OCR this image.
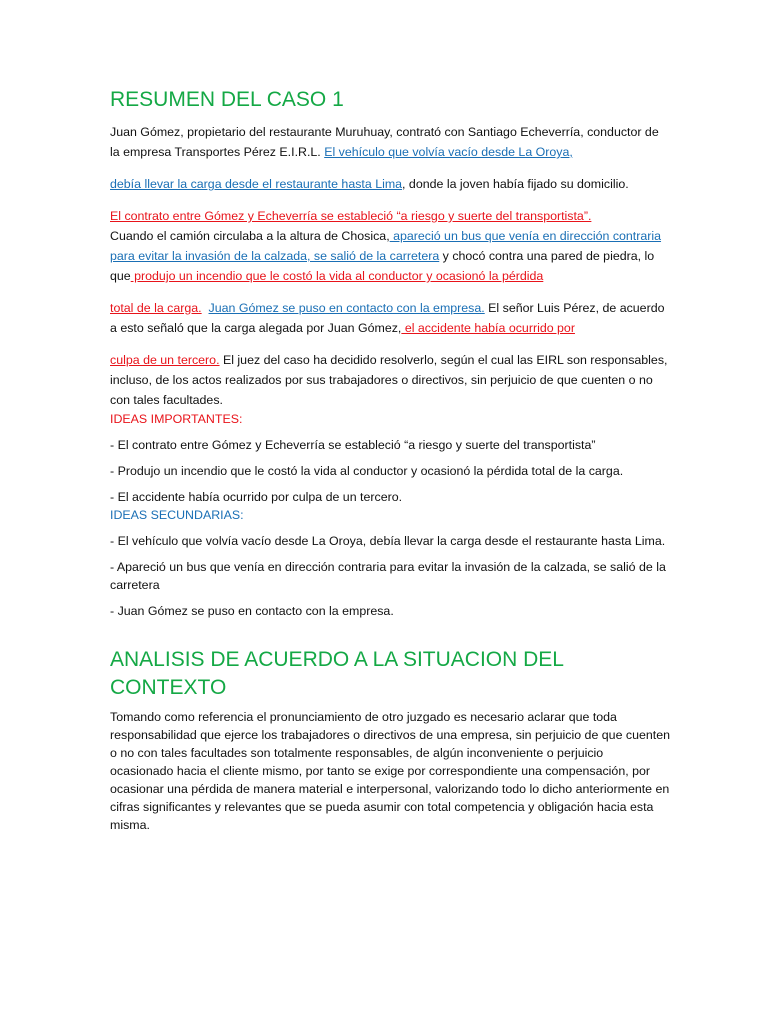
RESUMEN DEL CASO 1

Juan Gómez, propietario del restaurante Muruhuay, contrató con Santiago Echeverría, conductor de la empresa Transportes Pérez E.I.R.L. El vehículo que volvía vacío desde La Oroya,

debía llevar la carga desde el restaurante hasta Lima, donde la joven había fijado su domicilio.

El contrato entre Gómez y Echeverría se estableció “a riesgo y suerte del transportista”.
Cuando el camión circulaba a la altura de Chosica, apareció un bus que venía en dirección contraria para evitar la invasión de la calzada, se salió de la carretera y chocó contra una pared de piedra, lo que produjo un incendio que le costó la vida al conductor y ocasionó la pérdida

total de la carga. Juan Gómez se puso en contacto con la empresa. El señor Luis Pérez, de acuerdo a esto señaló que la carga alegada por Juan Gómez, el accidente había ocurrido por

culpa de un tercero. El juez del caso ha decidido resolverlo, según el cual las EIRL son responsables, incluso, de los actos realizados por sus trabajadores o directivos, sin perjuicio de que cuenten o no con tales facultades.

IDEAS IMPORTANTES:

- El contrato entre Gómez y Echeverría se estableció “a riesgo y suerte del transportista”

- Produjo un incendio que le costó la vida al conductor y ocasionó la pérdida total de la carga.

- El accidente había ocurrido por culpa de un tercero.

IDEAS SECUNDARIAS:

- El vehículo que volvía vacío desde La Oroya, debía llevar la carga desde el restaurante hasta Lima.

- Apareció un bus que venía en dirección contraria para evitar la invasión de la calzada, se salió de la carretera

- Juan Gómez se puso en contacto con la empresa.

ANALISIS DE ACUERDO A LA SITUACION DEL CONTEXTO

Tomando como referencia el pronunciamiento de otro juzgado es necesario aclarar que toda responsabilidad que ejerce los trabajadores o directivos de una empresa, sin perjuicio de que cuenten o no con tales facultades son totalmente responsables, de algún inconveniente o perjuicio ocasionado hacia el cliente mismo, por tanto se exige por correspondiente una compensación, por ocasionar una pérdida de manera material e interpersonal, valorizando todo lo dicho anteriormente en cifras significantes y relevantes que se pueda asumir con total competencia y obligación hacia esta misma.
